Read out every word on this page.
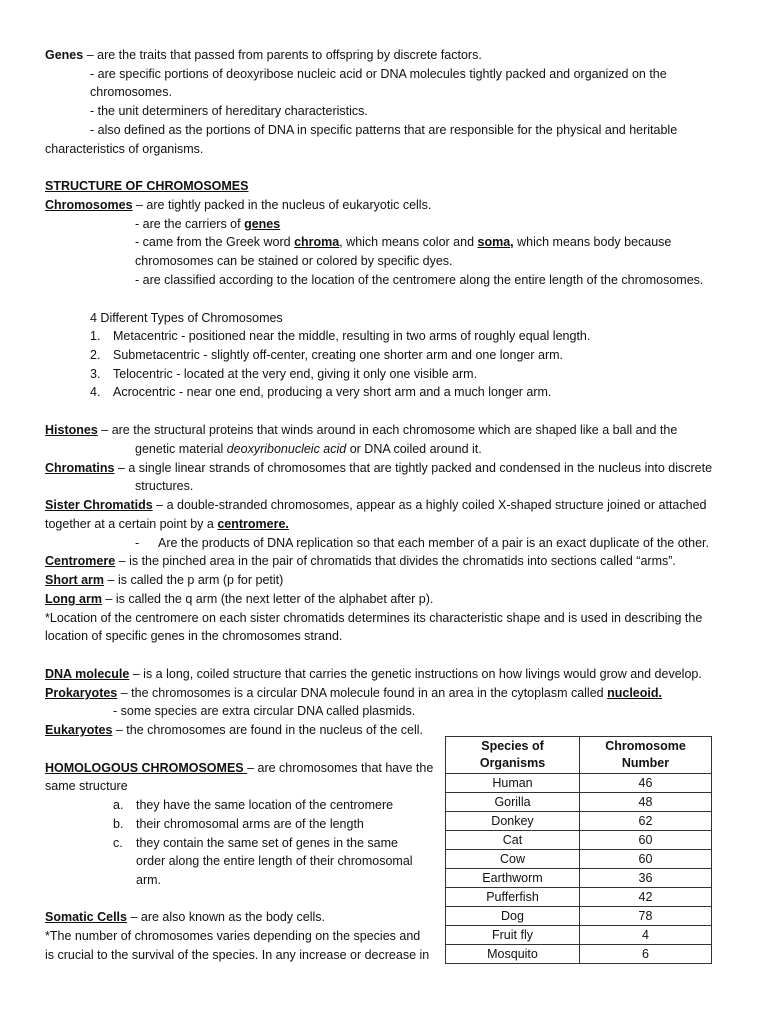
Genes – are the traits that passed from parents to offspring by discrete factors.
- are specific portions of deoxyribose nucleic acid or DNA molecules tightly packed and organized on the
chromosomes.
- the unit determiners of hereditary characteristics.
- also defined as the portions of DNA in specific patterns that are responsible for the physical and heritable
characteristics of organisms.
STRUCTURE OF CHROMOSOMES
Chromosomes – are tightly packed in the nucleus of eukaryotic cells.
- are the carriers of genes
- came from the Greek word chroma, which means color and soma, which means body because
chromosomes can be stained or colored by specific dyes.
- are classified according to the location of the centromere along the entire length of the chromosomes.
4 Different Types of Chromosomes
1. Metacentric - positioned near the middle, resulting in two arms of roughly equal length.
2. Submetacentric - slightly off-center, creating one shorter arm and one longer arm.
3. Telocentric - located at the very end, giving it only one visible arm.
4. Acrocentric - near one end, producing a very short arm and a much longer arm.
Histones – are the structural proteins that winds around in each chromosome which are shaped like a ball and the
genetic material deoxyribonucleic acid or DNA coiled around it.
Chromatins – a single linear strands of chromosomes that are tightly packed and condensed in the nucleus into discrete
structures.
Sister Chromatids – a double-stranded chromosomes, appear as a highly coiled X-shaped structure joined or attached
together at a certain point by a centromere.
- Are the products of DNA replication so that each member of a pair is an exact duplicate of the other.
Centromere – is the pinched area in the pair of chromatids that divides the chromatids into sections called “arms”.
Short arm – is called the p arm (p for petit)
Long arm – is called the q arm (the next letter of the alphabet after p).
*Location of the centromere on each sister chromatids determines its characteristic shape and is used in describing the
location of specific genes in the chromosomes strand.
DNA molecule – is a long, coiled structure that carries the genetic instructions on how livings would grow and develop.
Prokaryotes – the chromosomes is a circular DNA molecule found in an area in the cytoplasm called nucleoid.
- some species are extra circular DNA called plasmids.
Eukaryotes – the chromosomes are found in the nucleus of the cell.
HOMOLOGOUS CHROMOSOMES – are chromosomes that have the
same structure
a. they have the same location of the centromere
b. their chromosomal arms are of the length
c.	they contain the same set of genes in the same
order along the entire length of their chromosomal
arm.
Somatic Cells – are also known as the body cells.
*The number of chromosomes varies depending on the species and
is crucial to the survival of the species. In any increase or decrease in
Species of
Organisms	Chromosome
Number
Human	46
Gorilla	48
Donkey	62
Cat	60
Cow	60
Earthworm	36
Pufferfish	42
Dog	78
Fruit fly	4
Mosquito	6
